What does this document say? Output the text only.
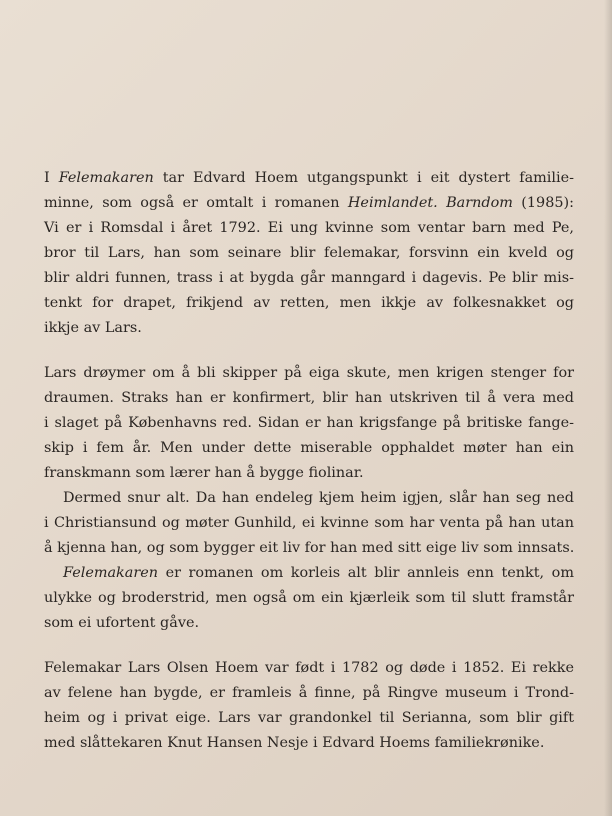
I Felemakaren tar Edvard Hoem utgangspunkt i eit dystert familie-
minne, som også er omtalt i romanen Heimlandet. Barndom (1985):
Vi er i Romsdal i året 1792. Ei ung kvinne som ventar barn med Pe,
bror til Lars, han som seinare blir felemakar, forsvinn ein kveld og
blir aldri funnen, trass i at bygda går manngard i dagevis. Pe blir mis-
tenkt for drapet, frikjend av retten, men ikkje av folkesnakket og
ikkje av Lars.

Lars drøymer om å bli skipper på eiga skute, men krigen stenger for
draumen. Straks han er konfirmert, blir han utskriven til å vera med
i slaget på Københavns red. Sidan er han krigsfange på britiske fange-
skip i fem år. Men under dette miserable opphaldet møter han ein
franskmann som lærer han å bygge fiolinar.

Dermed snur alt. Da han endeleg kjem heim igjen, slår han seg ned
i Christiansund og møter Gunhild, ei kvinne som har venta på han utan
å kjenna han, og som bygger eit liv for han med sitt eige liv som innsats.

Felemakaren er romanen om korleis alt blir annleis enn tenkt, om
ulykke og broderstrid, men også om ein kjærleik som til slutt framstår
som ei ufortent gåve.

Felemakar Lars Olsen Hoem var født i 1782 og døde i 1852. Ei rekke
av felene han bygde, er framleis å finne, på Ringve museum i Trond-
heim og i privat eige. Lars var grandonkel til Serianna, som blir gift
med slåttekaren Knut Hansen Nesje i Edvard Hoems familiekrønike.
